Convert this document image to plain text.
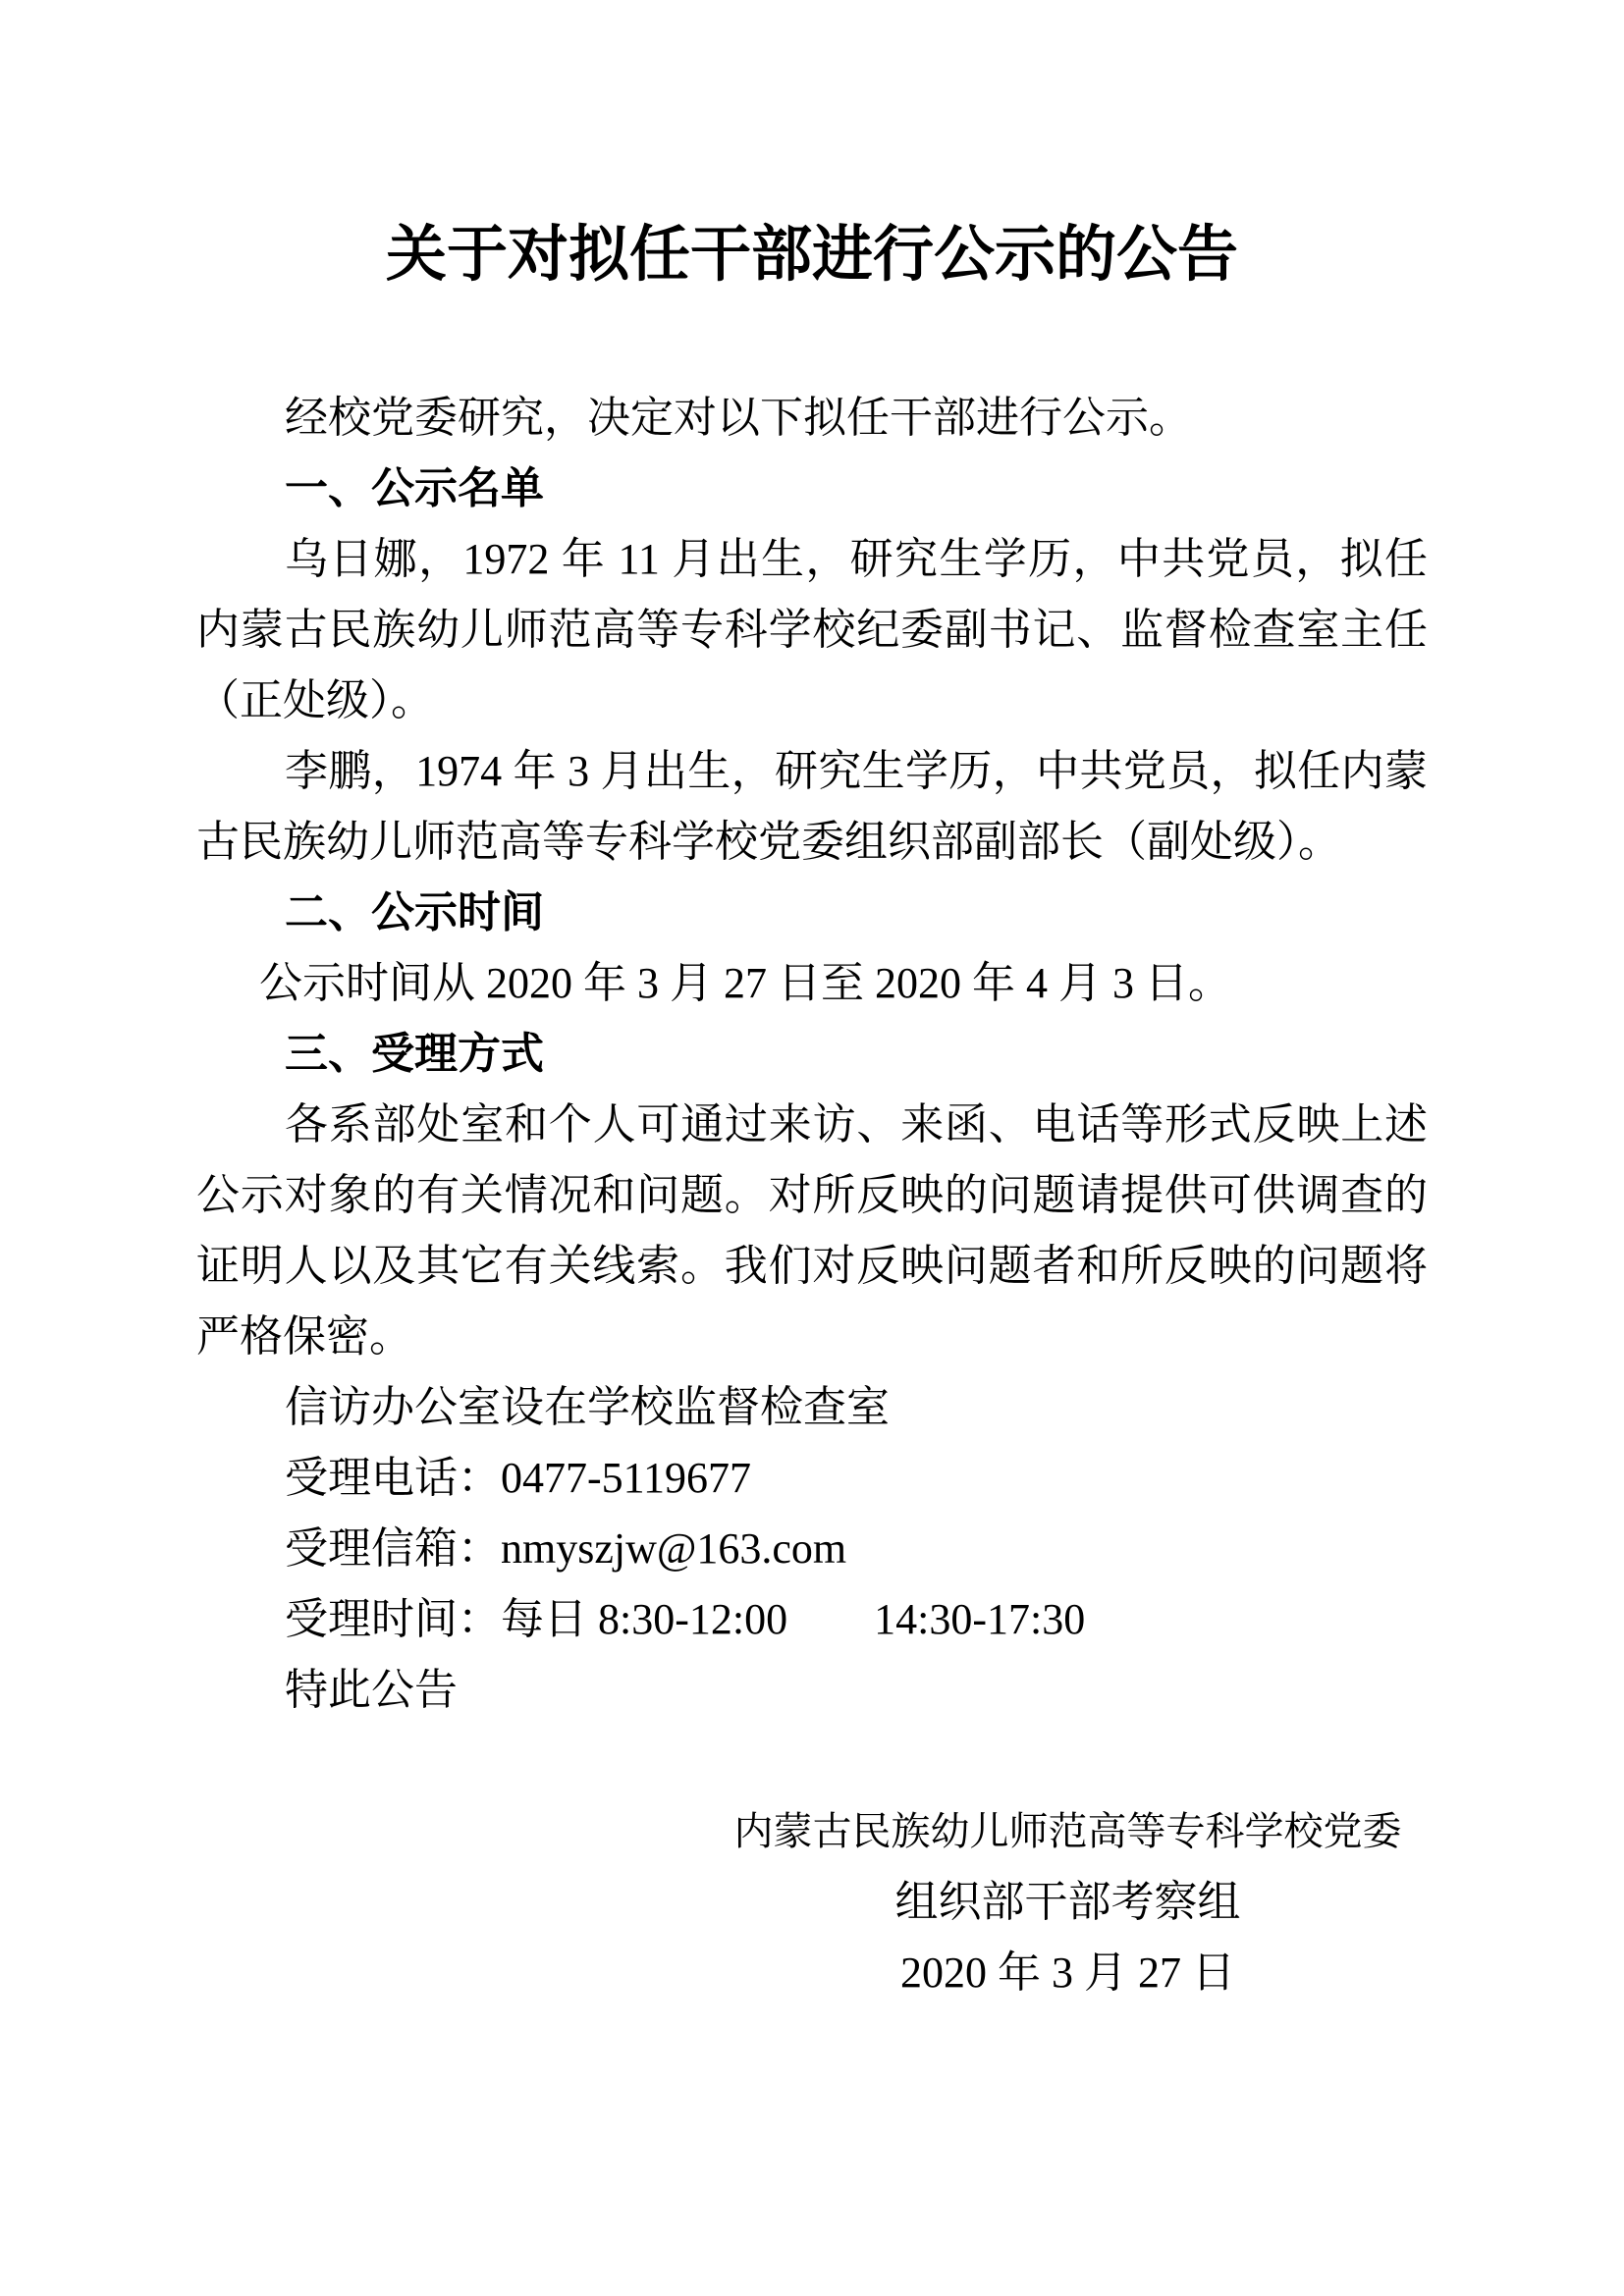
关于对拟任干部进行公示的公告

经校党委研究，决定对以下拟任干部进行公示。

一、公示名单

乌日娜，1972 年 11 月出生，研究生学历，中共党员，拟任内蒙古民族幼儿师范高等专科学校纪委副书记、监督检查室主任（正处级）。

李鹏，1974 年 3 月出生，研究生学历，中共党员，拟任内蒙古民族幼儿师范高等专科学校党委组织部副部长（副处级）。

二、公示时间

公示时间从 2020 年 3 月 27 日至 2020 年 4 月 3 日。

三、受理方式

各系部处室和个人可通过来访、来函、电话等形式反映上述公示对象的有关情况和问题。对所反映的问题请提供可供调查的证明人以及其它有关线索。我们对反映问题者和所反映的问题将严格保密。

信访办公室设在学校监督检查室

受理电话：0477-5119677

受理信箱：nmyszjw@163.com

受理时间：每日 8:30-12:00　　14:30-17:30

特此公告

内蒙古民族幼儿师范高等专科学校党委

组织部干部考察组

2020 年 3 月 27 日
